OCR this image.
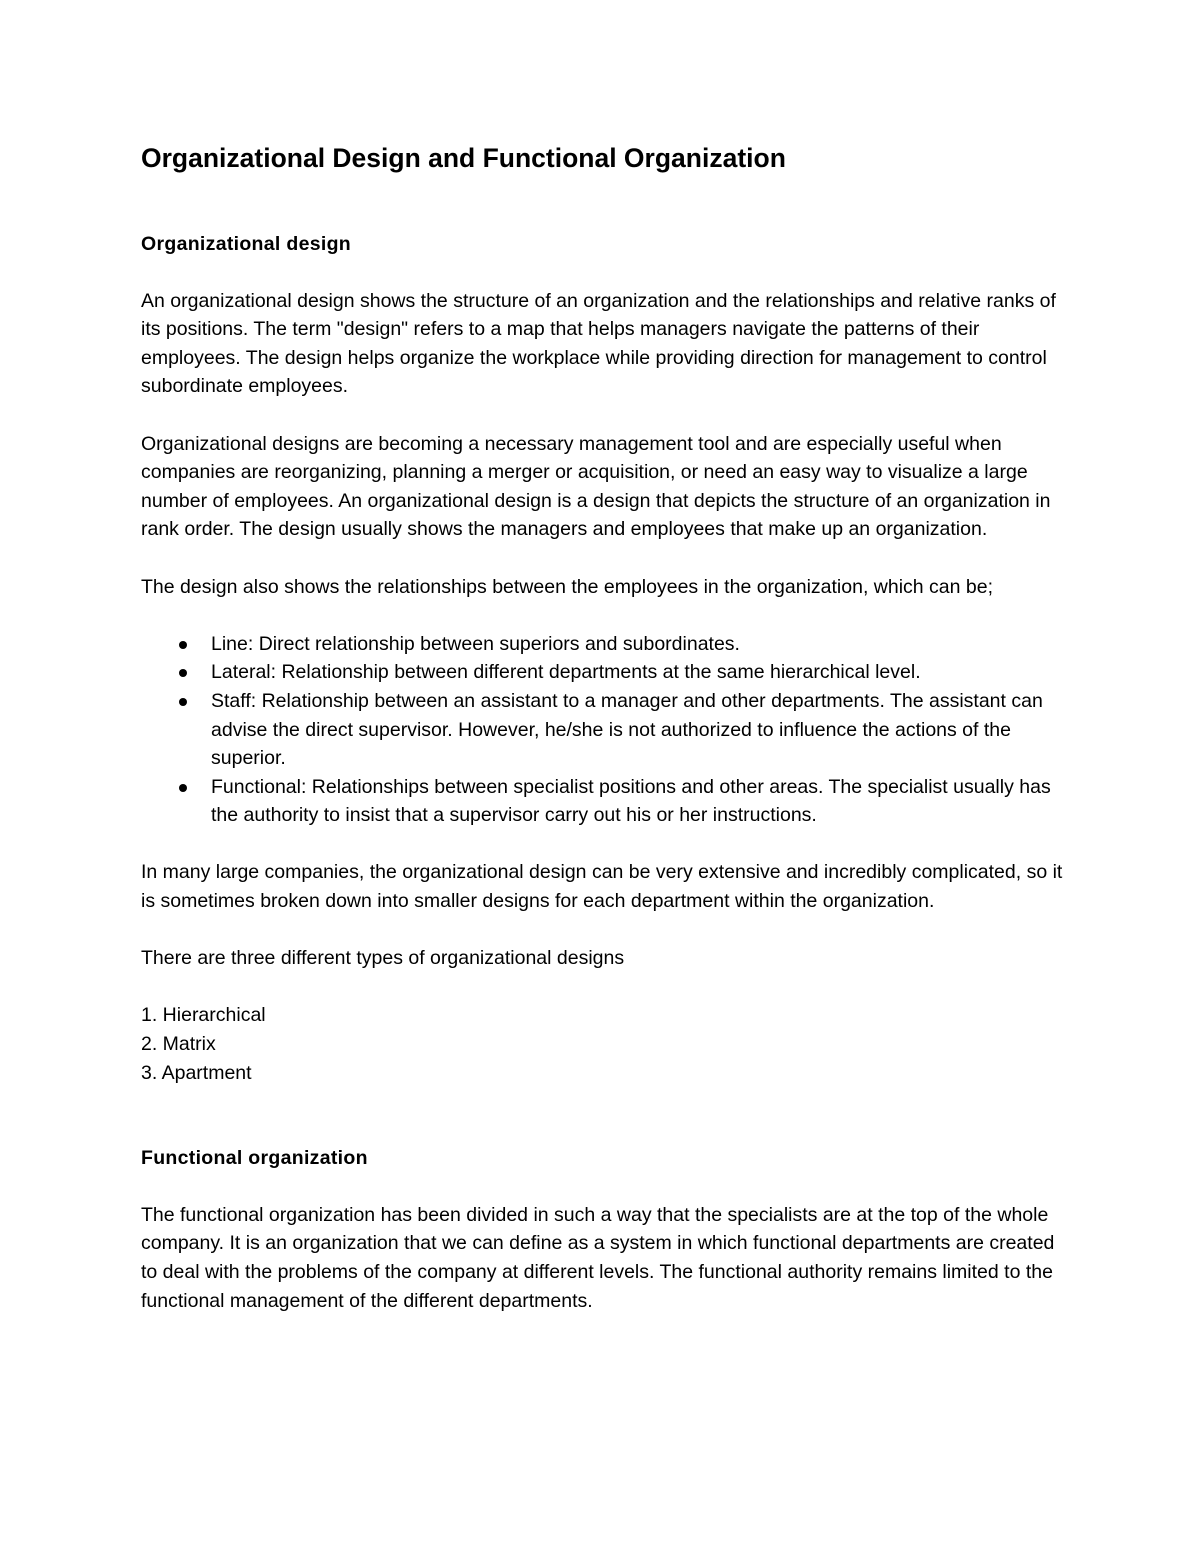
Organizational Design and Functional Organization
Organizational design

An organizational design shows the structure of an organization and the relationships and relative ranks of its positions. The term "design" refers to a map that helps managers navigate the patterns of their employees. The design helps organize the workplace while providing direction for management to control subordinate employees.

Organizational designs are becoming a necessary management tool and are especially useful when companies are reorganizing, planning a merger or acquisition, or need an easy way to visualize a large number of employees. An organizational design is a design that depicts the structure of an organization in rank order. The design usually shows the managers and employees that make up an organization.

The design also shows the relationships between the employees in the organization, which can be;

Line: Direct relationship between superiors and subordinates.
Lateral: Relationship between different departments at the same hierarchical level.
Staff: Relationship between an assistant to a manager and other departments. The assistant can advise the direct supervisor. However, he/she is not authorized to influence the actions of the superior.
Functional: Relationships between specialist positions and other areas. The specialist usually has the authority to insist that a supervisor carry out his or her instructions.

In many large companies, the organizational design can be very extensive and incredibly complicated, so it is sometimes broken down into smaller designs for each department within the organization.

There are three different types of organizational designs

1. Hierarchical

2. Matrix

3. Apartment

Functional organization

The functional organization has been divided in such a way that the specialists are at the top of the whole company. It is an organization that we can define as a system in which functional departments are created to deal with the problems of the company at different levels. The functional authority remains limited to the functional management of the different departments.
